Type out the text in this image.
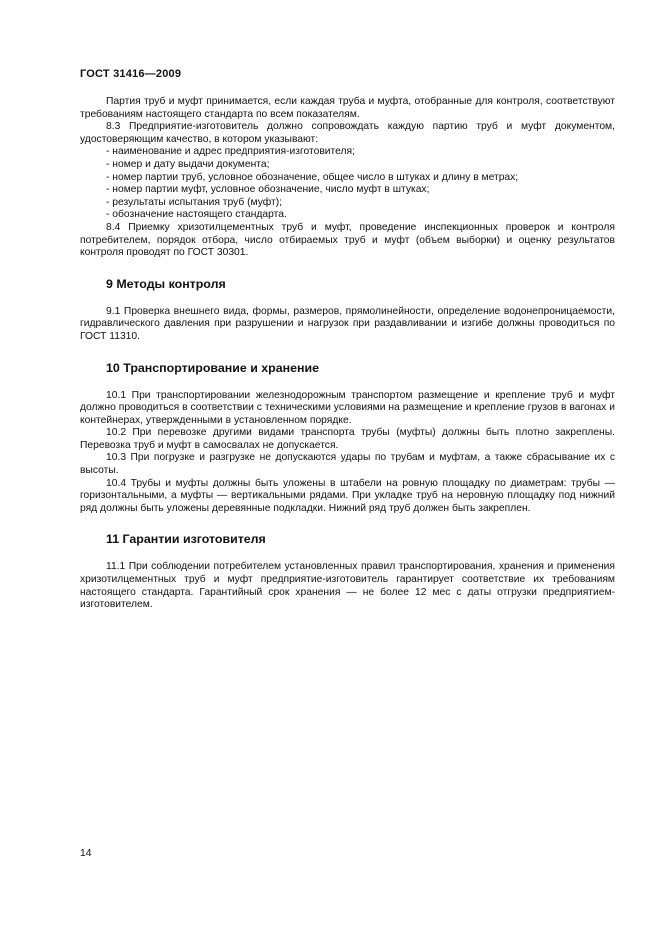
ГОСТ 31416—2009

Партия труб и муфт принимается, если каждая труба и муфта, отобранные для контроля, соответствуют требованиям настоящего стандарта по всем показателям.

8.3 Предприятие-изготовитель должно сопровождать каждую партию труб и муфт документом, удостоверяющим качество, в котором указывают:

- наименование и адрес предприятия-изготовителя;

- номер и дату выдачи документа;

- номер партии труб, условное обозначение, общее число в штуках и длину в метрах;

- номер партии муфт, условное обозначение, число муфт в штуках;

- результаты испытания труб (муфт);

- обозначение настоящего стандарта.

8.4 Приемку хризотилцементных труб и муфт, проведение инспекционных проверок и контроля потребителем, порядок отбора, число отбираемых труб и муфт (объем выборки) и оценку результатов контроля проводят по ГОСТ 30301.

9 Методы контроля

9.1 Проверка внешнего вида, формы, размеров, прямолинейности, определение водонепроницаемости, гидравлического давления при разрушении и нагрузок при раздавливании и изгибе должны проводиться по ГОСТ 11310.

10 Транспортирование и хранение

10.1 При транспортировании железнодорожным транспортом размещение и крепление труб и муфт должно проводиться в соответствии с техническими условиями на размещение и крепление грузов в вагонах и контейнерах, утвержденными в установленном порядке.

10.2 При перевозке другими видами транспорта трубы (муфты) должны быть плотно закреплены. Перевозка труб и муфт в самосвалах не допускается.

10.3 При погрузке и разгрузке не допускаются удары по трубам и муфтам, а также сбрасывание их с высоты.

10.4 Трубы и муфты должны быть уложены в штабели на ровную площадку по диаметрам: трубы — горизонтальными, а муфты — вертикальными рядами. При укладке труб на неровную площадку под нижний ряд должны быть уложены деревянные подкладки. Нижний ряд труб должен быть закреплен.

11 Гарантии изготовителя

11.1 При соблюдении потребителем установленных правил транспортирования, хранения и применения хризотилцементных труб и муфт предприятие-изготовитель гарантирует соответствие их требованиям настоящего стандарта. Гарантийный срок хранения — не более 12 мес с даты отгрузки предприятием-изготовителем.

14
